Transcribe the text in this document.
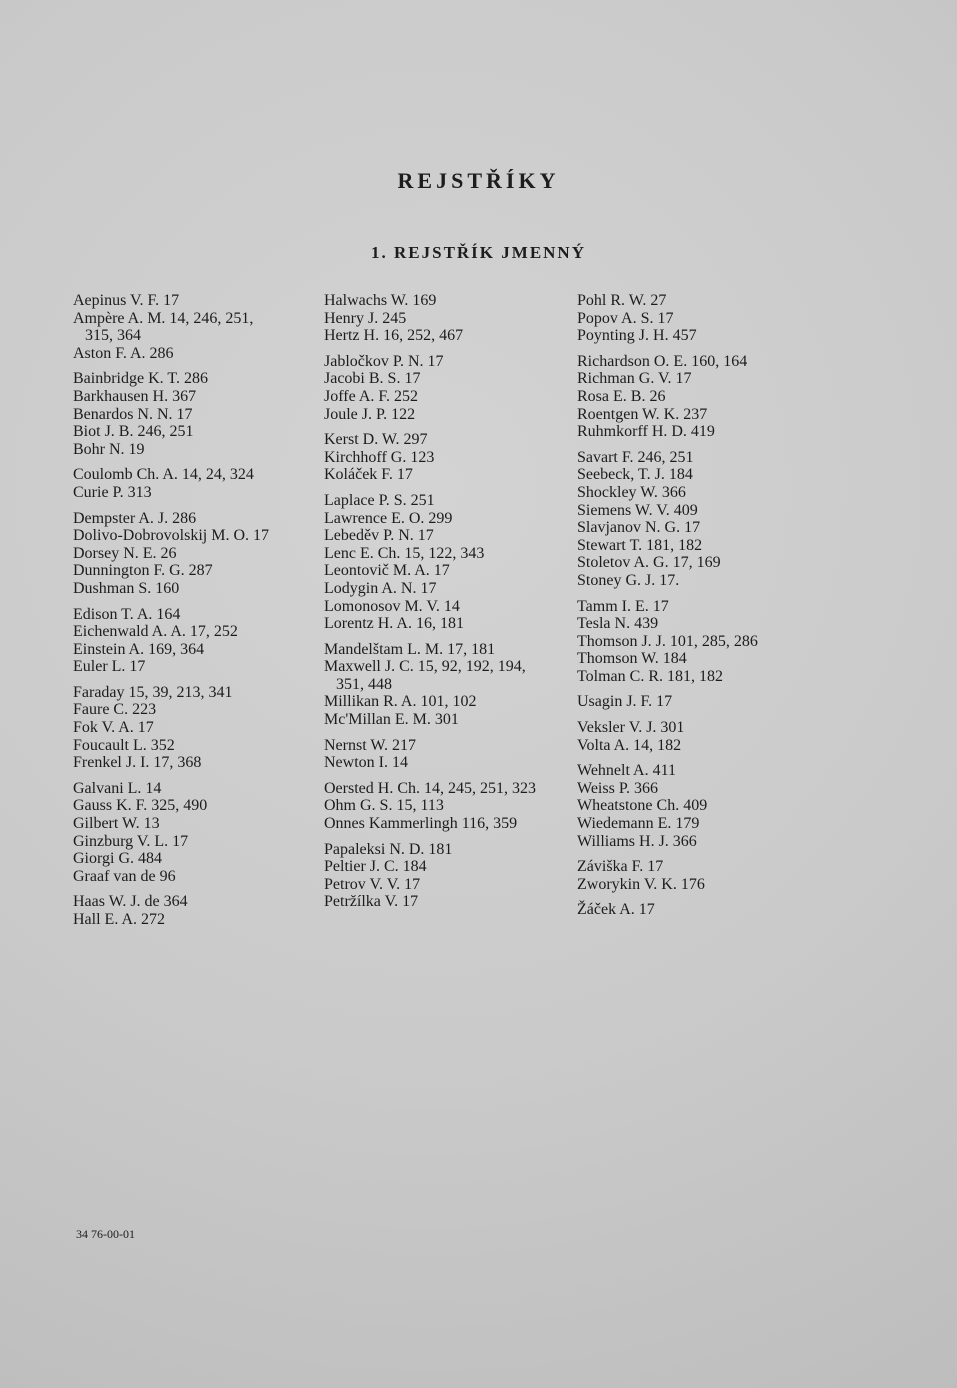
REJSTŘÍKY
1. REJSTŘÍK JMENNÝ
Aepinus V. F. 17
Ampère A. M. 14, 246, 251,
315, 364
Aston F. A. 286
Bainbridge K. T. 286
Barkhausen H. 367
Benardos N. N. 17
Biot J. B. 246, 251
Bohr N. 19
Coulomb Ch. A. 14, 24, 324
Curie P. 313
Dempster A. J. 286
Dolivo-Dobrovolskij M. O. 17
Dorsey N. E. 26
Dunnington F. G. 287
Dushman S. 160
Edison T. A. 164
Eichenwald A. A. 17, 252
Einstein A. 169, 364
Euler L. 17
Faraday 15, 39, 213, 341
Faure C. 223
Fok V. A. 17
Foucault L. 352
Frenkel J. I. 17, 368
Galvani L. 14
Gauss K. F. 325, 490
Gilbert W. 13
Ginzburg V. L. 17
Giorgi G. 484
Graaf van de 96
Haas W. J. de 364
Hall E. A. 272
Halwachs W. 169
Henry J. 245
Hertz H. 16, 252, 467
Jabločkov P. N. 17
Jacobi B. S. 17
Joffe A. F. 252
Joule J. P. 122
Kerst D. W. 297
Kirchhoff G. 123
Koláček F. 17
Laplace P. S. 251
Lawrence E. O. 299
Lebeděv P. N. 17
Lenc E. Ch. 15, 122, 343
Leontovič M. A. 17
Lodygin A. N. 17
Lomonosov M. V. 14
Lorentz H. A. 16, 181
Mandelštam L. M. 17, 181
Maxwell J. C. 15, 92, 192, 194,
351, 448
Millikan R. A. 101, 102
Mc'Millan E. M. 301
Nernst W. 217
Newton I. 14
Oersted H. Ch. 14, 245, 251, 323
Ohm G. S. 15, 113
Onnes Kammerlingh 116, 359
Papaleksi N. D. 181
Peltier J. C. 184
Petrov V. V. 17
Petržílka V. 17
Pohl R. W. 27
Popov A. S. 17
Poynting J. H. 457
Richardson O. E. 160, 164
Richman G. V. 17
Rosa E. B. 26
Roentgen W. K. 237
Ruhmkorff H. D. 419
Savart F. 246, 251
Seebeck, T. J. 184
Shockley W. 366
Siemens W. V. 409
Slavjanov N. G. 17
Stewart T. 181, 182
Stoletov A. G. 17, 169
Stoney G. J. 17.
Tamm I. E. 17
Tesla N. 439
Thomson J. J. 101, 285, 286
Thomson W. 184
Tolman C. R. 181, 182
Usagin J. F. 17
Veksler V. J. 301
Volta A. 14, 182
Wehnelt A. 411
Weiss P. 366
Wheatstone Ch. 409
Wiedemann E. 179
Williams H. J. 366
Záviška F. 17
Zworykin V. K. 176
Žáček A. 17
34 76-00-01
